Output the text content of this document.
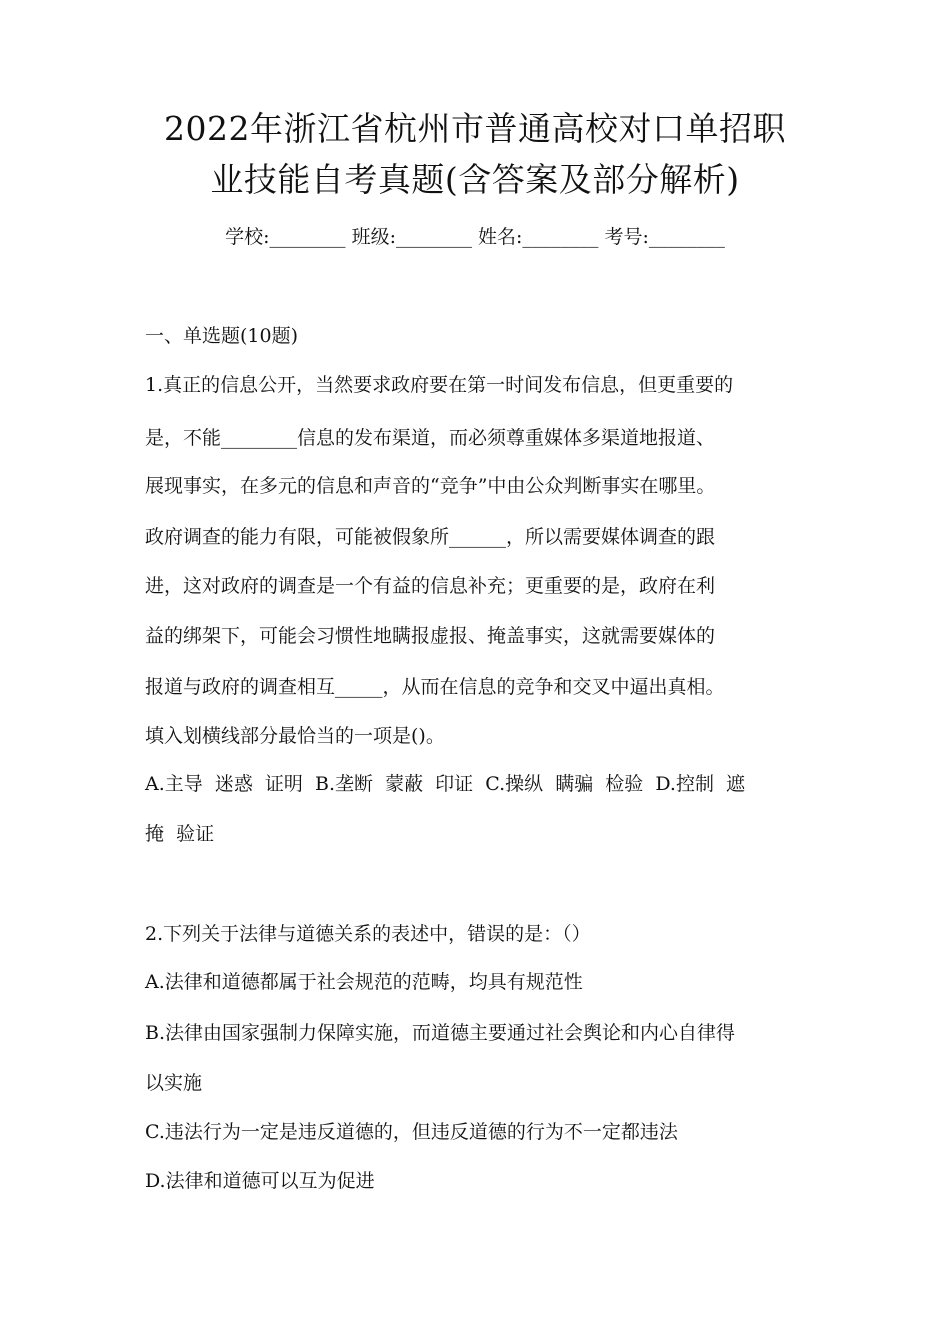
2022年浙江省杭州市普通高校对口单招职
业技能自考真题(含答案及部分解析)
学校:________ 班级:________ 姓名:________ 考号:________
一、单选题(10题)
1.真正的信息公开，当然要求政府要在第一时间发布信息，但更重要的
是，不能________信息的发布渠道，而必须尊重媒体多渠道地报道、
展现事实，在多元的信息和声音的“竞争”中由公众判断事实在哪里。
政府调查的能力有限，可能被假象所______，所以需要媒体调查的跟
进，这对政府的调查是一个有益的信息补充；更重要的是，政府在利
益的绑架下，可能会习惯性地瞒报虚报、掩盖事实，这就需要媒体的
报道与政府的调查相互_____，从而在信息的竞争和交叉中逼出真相。
填入划横线部分最恰当的一项是()。
A.主导  迷惑  证明  B.垄断  蒙蔽  印证  C.操纵  瞒骗  检验  D.控制  遮
掩  验证
2.下列关于法律与道德关系的表述中，错误的是：（）
A.法律和道德都属于社会规范的范畴，均具有规范性
B.法律由国家强制力保障实施，而道德主要通过社会舆论和内心自律得
以实施
C.违法行为一定是违反道德的，但违反道德的行为不一定都违法
D.法律和道德可以互为促进
